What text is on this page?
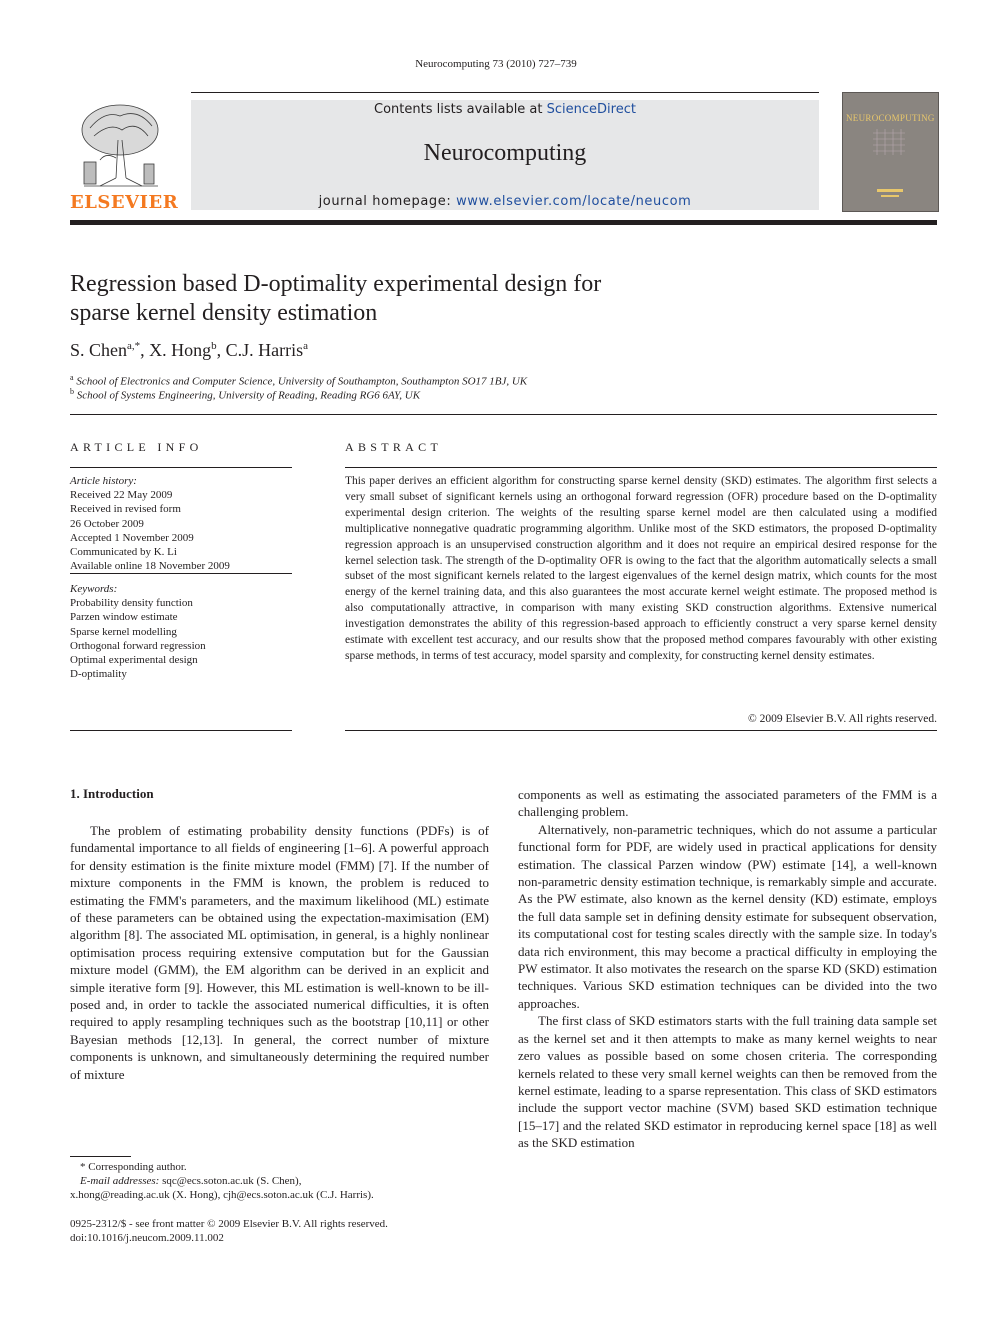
Neurocomputing 73 (2010) 727–739
ELSEVIER
Contents lists available at ScienceDirect
Neurocomputing
journal homepage: www.elsevier.com/locate/neucom
NEUROCOMPUTING
Regression based D-optimality experimental design for
sparse kernel density estimation
S. Chen$^{a,*}$, X. Hong$^b$, C.J. Harris$^a$
$^a$ School of Electronics and Computer Science, University of Southampton, Southampton SO17 1BJ, UK
$^b$ School of Systems Engineering, University of Reading, Reading RG6 6AY, UK
ARTICLE INFO
Article history:
Received 22 May 2009
Received in revised form
26 October 2009
Accepted 1 November 2009
Communicated by K. Li
Available online 18 November 2009
Keywords:
Probability density function
Parzen window estimate
Sparse kernel modelling
Orthogonal forward regression
Optimal experimental design
D-optimality
ABSTRACT
This paper derives an efficient algorithm for constructing sparse kernel density (SKD) estimates. The algorithm first selects a very small subset of significant kernels using an orthogonal forward regression (OFR) procedure based on the D-optimality experimental design criterion. The weights of the resulting sparse kernel model are then calculated using a modified multiplicative nonnegative quadratic programming algorithm. Unlike most of the SKD estimators, the proposed D-optimality regression approach is an unsupervised construction algorithm and it does not require an empirical desired response for the kernel selection task. The strength of the D-optimality OFR is owing to the fact that the algorithm automatically selects a small subset of the most significant kernels related to the largest eigenvalues of the kernel design matrix, which counts for the most energy of the kernel training data, and this also guarantees the most accurate kernel weight estimate. The proposed method is also computationally attractive, in comparison with many existing SKD construction algorithms. Extensive numerical investigation demonstrates the ability of this regression-based approach to efficiently construct a very sparse kernel density estimate with excellent test accuracy, and our results show that the proposed method compares favourably with other existing sparse methods, in terms of test accuracy, model sparsity and complexity, for constructing kernel density estimates.
© 2009 Elsevier B.V. All rights reserved.
1. Introduction

The problem of estimating probability density functions (PDFs) is of fundamental importance to all fields of engineering [1–6]. A powerful approach for density estimation is the finite mixture model (FMM) [7]. If the number of mixture components in the FMM is known, the problem is reduced to estimating the FMM's parameters, and the maximum likelihood (ML) estimate of these parameters can be obtained using the expectation-maximisation (EM) algorithm [8]. The associated ML optimisation, in general, is a highly nonlinear optimisation process requiring extensive computation but for the Gaussian mixture model (GMM), the EM algorithm can be derived in an explicit and simple iterative form [9]. However, this ML estimation is well-known to be ill-posed and, in order to tackle the associated numerical difficulties, it is often required to apply resampling techniques such as the bootstrap [10,11] or other Bayesian methods [12,13]. In general, the correct number of mixture components is unknown, and simultaneously determining the required number of mixture

components as well as estimating the associated parameters of the FMM is a challenging problem.

Alternatively, non-parametric techniques, which do not assume a particular functional form for PDF, are widely used in practical applications for density estimation. The classical Parzen window (PW) estimate [14], a well-known non-parametric density estimation technique, is remarkably simple and accurate. As the PW estimate, also known as the kernel density (KD) estimate, employs the full data sample set in defining density estimate for subsequent observation, its computational cost for testing scales directly with the sample size. In today's data rich environment, this may become a practical difficulty in employing the PW estimator. It also motivates the research on the sparse KD (SKD) estimation techniques. Various SKD estimation techniques can be divided into the two approaches.

The first class of SKD estimators starts with the full training data sample set as the kernel set and it then attempts to make as many kernel weights to near zero values as possible based on some chosen criteria. The corresponding kernels related to these very small kernel weights can then be removed from the kernel estimate, leading to a sparse representation. This class of SKD estimators include the support vector machine (SVM) based SKD estimation technique [15–17] and the related SKD estimator in reproducing kernel space [18] as well as the SKD estimation

* Corresponding author.
E-mail addresses: sqc@ecs.soton.ac.uk (S. Chen),
x.hong@reading.ac.uk (X. Hong), cjh@ecs.soton.ac.uk (C.J. Harris).
0925-2312/$ - see front matter © 2009 Elsevier B.V. All rights reserved.
doi:10.1016/j.neucom.2009.11.002
